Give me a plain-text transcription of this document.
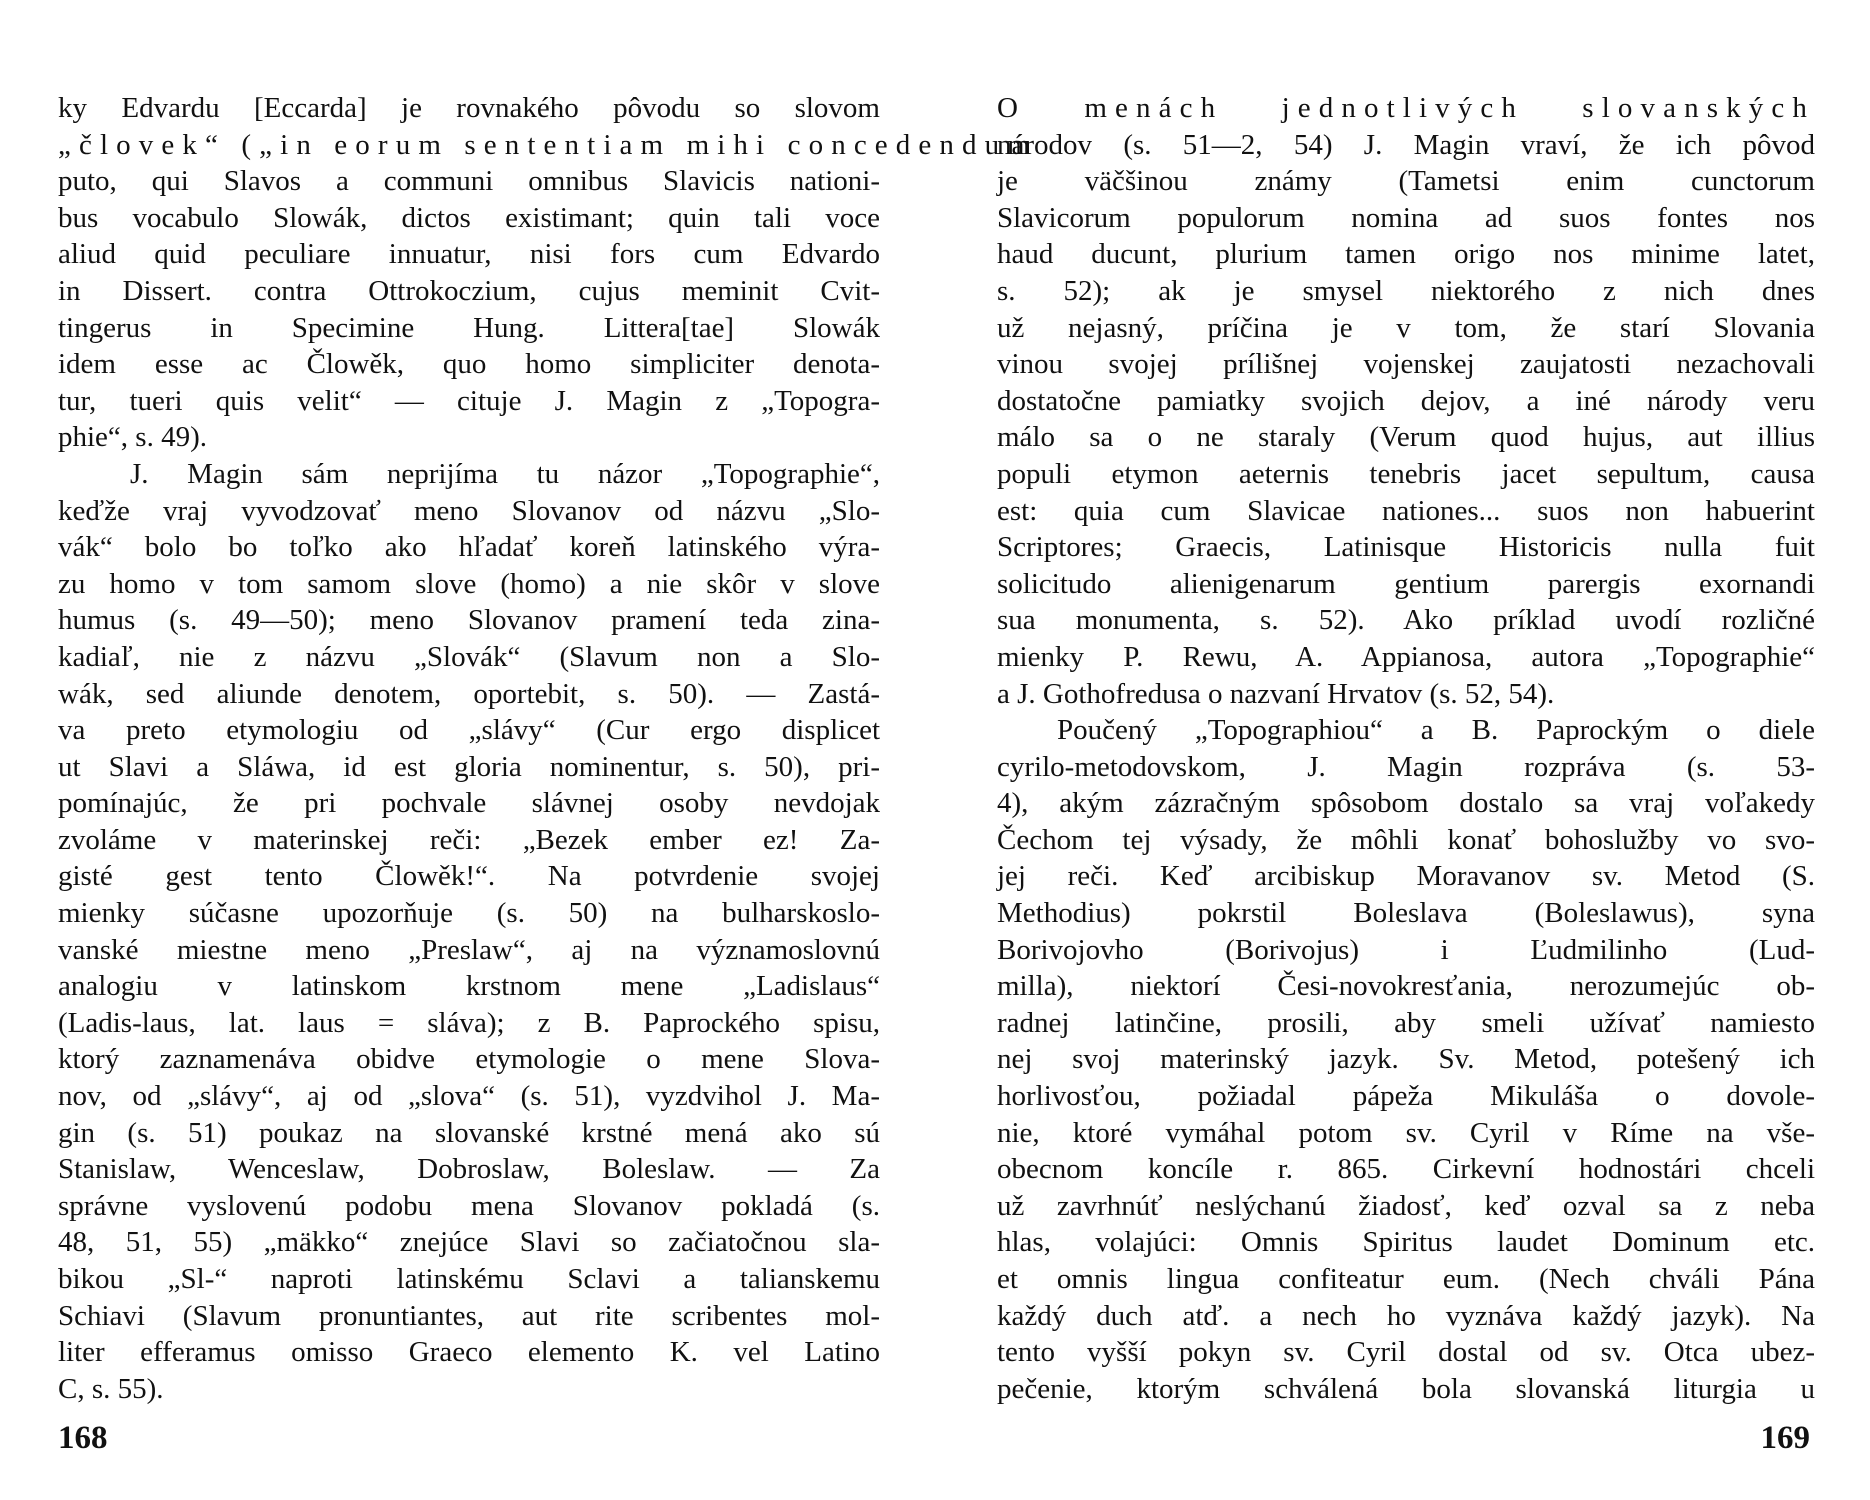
ky Edvardu [Eccarda] je rovnakého pôvodu so slovom
„človek“ („in eorum sententiam mihi concedendum
puto, qui Slavos a communi omnibus Slavicis nationi-
bus vocabulo Slowák, dictos existimant; quin tali voce
aliud quid peculiare innuatur, nisi fors cum Edvardo
in Dissert. contra Ottrokoczium, cujus meminit Cvit-
tingerus in Specimine Hung. Littera[tae] Slowák
idem esse ac Člowěk, quo homo simpliciter denota-
tur, tueri quis velit“ — cituje J. Magin z „Topogra-
phie“, s. 49).
J. Magin sám neprijíma tu názor „Topographie“,
keďže vraj vyvodzovať meno Slovanov od názvu „Slo-
vák“ bolo bo toľko ako hľadať koreň latinského výra-
zu homo v tom samom slove (homo) a nie skôr v slove
humus (s. 49—50); meno Slovanov pramení teda zina-
kadiaľ, nie z názvu „Slovák“ (Slavum non a Slo-
wák, sed aliunde denotem, oportebit, s. 50). — Zastá-
va preto etymologiu od „slávy“ (Cur ergo displicet
ut Slavi a Sláwa, id est gloria nominentur, s. 50), pri-
pomínajúc, že pri pochvale slávnej osoby nevdojak
zvoláme v materinskej reči: „Bezek ember ez! Za-
gisté gest tento Člowěk!“. Na potvrdenie svojej
mienky súčasne upozorňuje (s. 50) na bulharskoslo-
vanské miestne meno „Preslaw“, aj na významoslovnú
analogiu v latinskom krstnom mene „Ladislaus“
(Ladis-laus, lat. laus = sláva); z B. Paprockého spisu,
ktorý zaznamenáva obidve etymologie o mene Slova-
nov, od „slávy“, aj od „slova“ (s. 51), vyzdvihol J. Ma-
gin (s. 51) poukaz na slovanské krstné mená ako sú
Stanislaw, Wenceslaw, Dobroslaw, Boleslaw. — Za
správne vyslovenú podobu mena Slovanov pokladá (s.
48, 51, 55) „mäkko“ znejúce Slavi so začiatočnou sla-
bikou „Sl-“ naproti latinskému Sclavi a talianskemu
Schiavi (Slavum pronuntiantes, aut rite scribentes mol-
liter efferamus omisso Graeco elemento K. vel Latino
C, s. 55).
168
O menách jednotlivých slovanských
národov (s. 51—2, 54) J. Magin vraví, že ich pôvod
je väčšinou známy (Tametsi enim cunctorum
Slavicorum populorum nomina ad suos fontes nos
haud ducunt, plurium tamen origo nos minime latet,
s. 52); ak je smysel niektorého z nich dnes
už nejasný, príčina je v tom, že starí Slovania
vinou svojej prílišnej vojenskej zaujatosti nezachovali
dostatočne pamiatky svojich dejov, a iné národy veru
málo sa o ne staraly (Verum quod hujus, aut illius
populi etymon aeternis tenebris jacet sepultum, causa
est: quia cum Slavicae nationes... suos non habuerint
Scriptores; Graecis, Latinisque Historicis nulla fuit
solicitudo alienigenarum gentium parergis exornandi
sua monumenta, s. 52). Ako príklad uvodí rozličné
mienky P. Rewu, A. Appianosa, autora „Topographie“
a J. Gothofredusa o nazvaní Hrvatov (s. 52, 54).
Poučený „Topographiou“ a B. Paprockým o diele
cyrilo-metodovskom, J. Magin rozpráva (s. 53-
4), akým zázračným spôsobom dostalo sa vraj voľakedy
Čechom tej výsady, že môhli konať bohoslužby vo svo-
jej reči. Keď arcibiskup Moravanov sv. Metod (S.
Methodius) pokrstil Boleslava (Boleslawus), syna
Borivojovho (Borivojus) i Ľudmilinho (Lud-
milla), niektorí Česi-novokresťania, nerozumejúc ob-
radnej latinčine, prosili, aby smeli užívať namiesto
nej svoj materinský jazyk. Sv. Metod, potešený ich
horlivosťou, požiadal pápeža Mikuláša o dovole-
nie, ktoré vymáhal potom sv. Cyril v Ríme na vše-
obecnom koncíle r. 865. Cirkevní hodnostári chceli
už zavrhnúť neslýchanú žiadosť, keď ozval sa z neba
hlas, volajúci: Omnis Spiritus laudet Dominum etc.
et omnis lingua confiteatur eum. (Nech chváli Pána
každý duch atď. a nech ho vyznáva každý jazyk). Na
tento vyšší pokyn sv. Cyril dostal od sv. Otca ubez-
pečenie, ktorým schválená bola slovanská liturgia u
169
